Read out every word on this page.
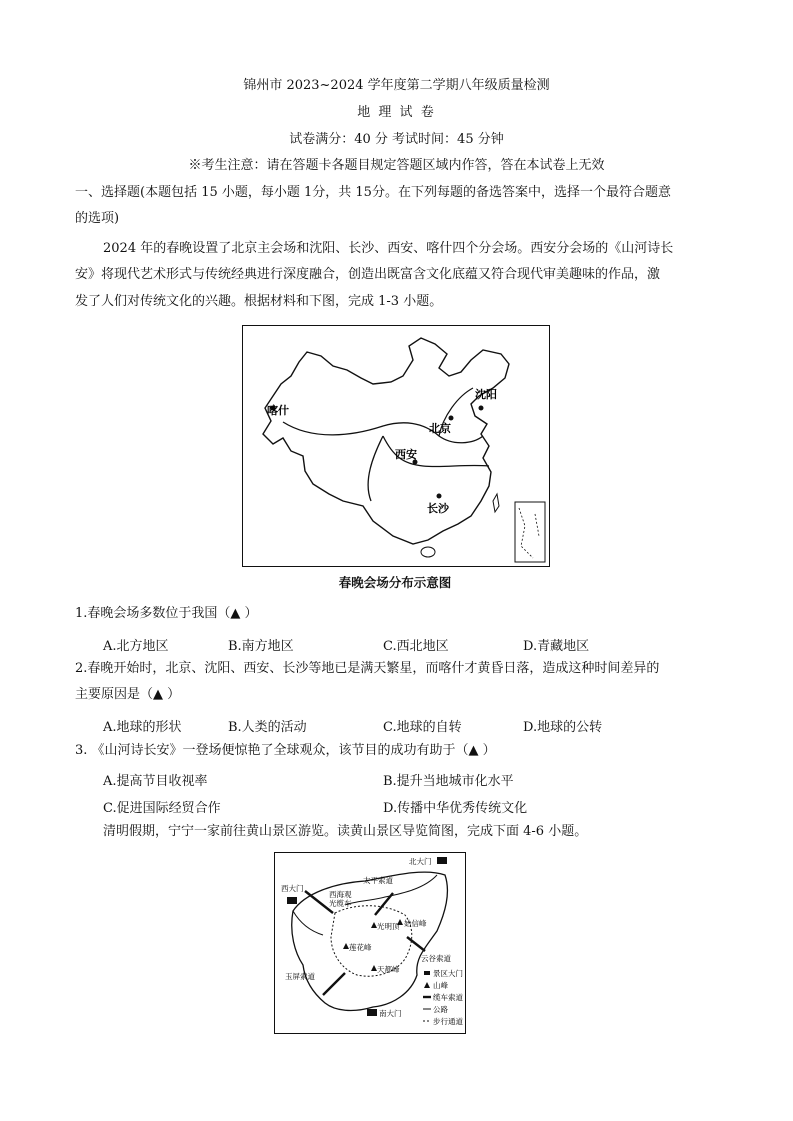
锦州市 2023~2024 学年度第二学期八年级质量检测
地 理 试 卷
试卷满分：40 分 考试时间：45 分钟
※考生注意：请在答题卡各题目规定答题区域内作答，答在本试卷上无效
一、选择题(本题包括 15 小题，每小题 1分，共 15分。在下列每题的备选答案中，选择一个最符合题意
的选项)
2024 年的春晚设置了北京主会场和沈阳、长沙、西安、喀什四个分会场。西安分会场的《山河诗长
安》将现代艺术形式与传统经典进行深度融合，创造出既富含文化底蕴又符合现代审美趣味的作品，激
发了人们对传统文化的兴趣。根据材料和下图，完成 1-3 小题。
喀什
沈阳
北京
西安
长沙
春晚会场分布示意图
1.春晚会场多数位于我国（▲ ）
A.北方地区	B.南方地区	C.西北地区	D.青藏地区
2.春晚开始时，北京、沈阳、西安、长沙等地已是满天繁星，而喀什才黄昏日落，造成这种时间差异的
主要原因是（▲ ）
A.地球的形状	B.人类的活动	C.地球的自转	D.地球的公转
3. 《山河诗长安》一登场便惊艳了全球观众，该节目的成功有助于（▲ ）
A.提高节目收视率	B.提升当地城市化水平
C.促进国际经贸合作	D.传播中华优秀传统文化
清明假期，宁宁一家前往黄山景区游览。读黄山景区导览简图，完成下面 4-6 小题。
北大门
西大门
南大门
太平索道
西海观
光缆车
光明顶 始信峰
莲花峰
天都峰
云谷索道
玉屏索道	景区大门
山峰
缆车索道
公路
步行通道
